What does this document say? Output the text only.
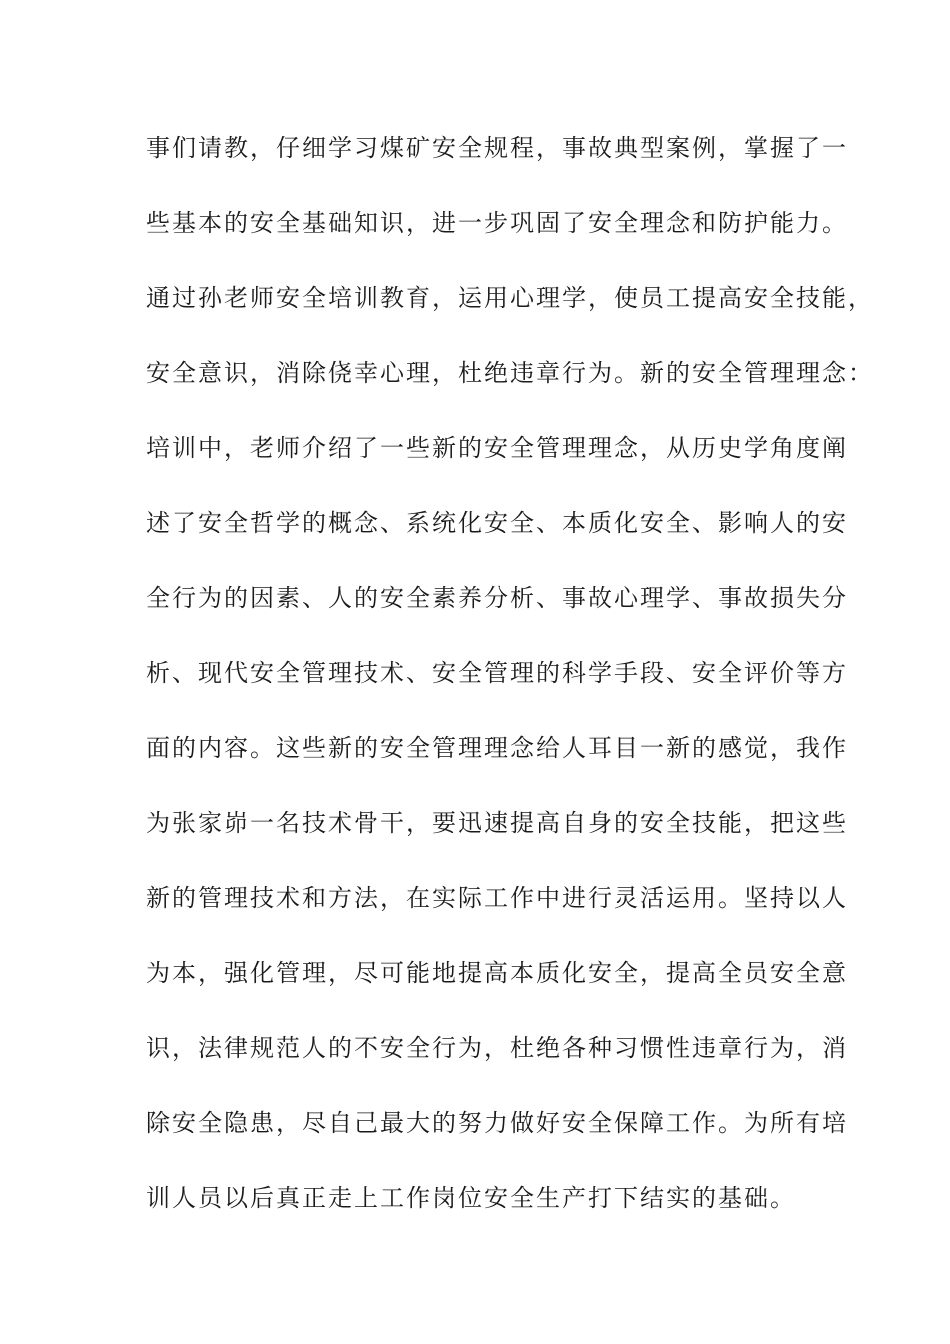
事们请教，仔细学习煤矿安全规程，事故典型案例，掌握了一
些基本的安全基础知识，进一步巩固了安全理念和防护能力。
通过孙老师安全培训教育，运用心理学，使员工提高安全技能，
安全意识，消除侥幸心理，杜绝违章行为。新的安全管理理念：
培训中，老师介绍了一些新的安全管理理念，从历史学角度阐
述了安全哲学的概念、系统化安全、本质化安全、影响人的安
全行为的因素、人的安全素养分析、事故心理学、事故损失分
析、现代安全管理技术、安全管理的科学手段、安全评价等方
面的内容。这些新的安全管理理念给人耳目一新的感觉，我作
为张家峁一名技术骨干，要迅速提高自身的安全技能，把这些
新的管理技术和方法，在实际工作中进行灵活运用。坚持以人
为本，强化管理，尽可能地提高本质化安全，提高全员安全意
识，法律规范人的不安全行为，杜绝各种习惯性违章行为，消
除安全隐患，尽自己最大的努力做好安全保障工作。为所有培
训人员以后真正走上工作岗位安全生产打下结实的基础。
